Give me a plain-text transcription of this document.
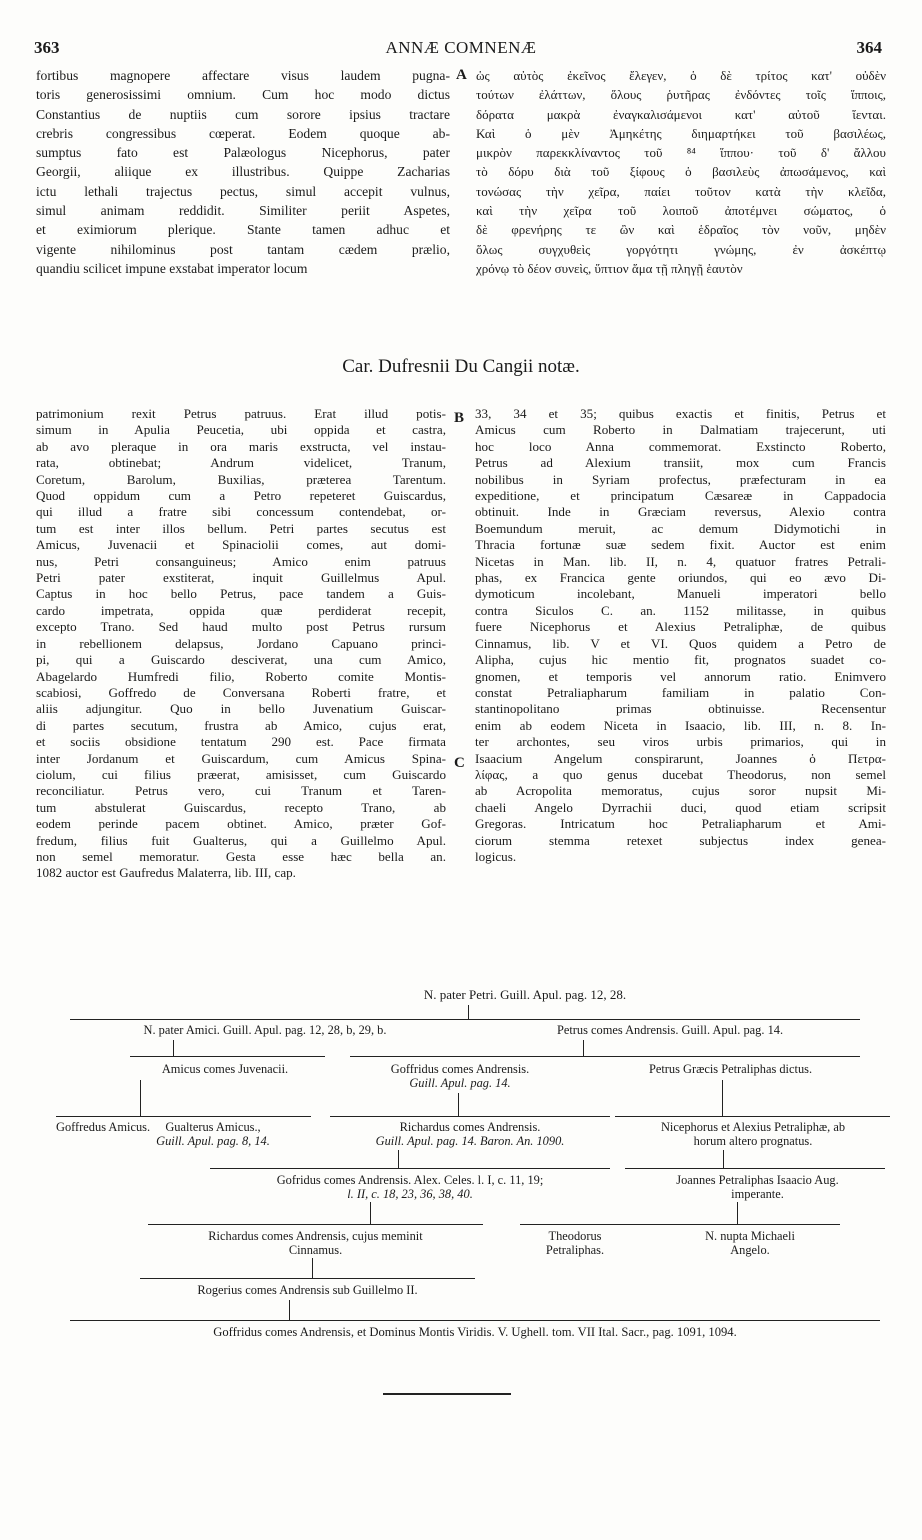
363	ANNÆ COMNENÆ	364
fortibus magnopere affectare visus laudem pugna-
toris generosissimi omnium. Cum hoc modo dictus
Constantius de nuptiis cum sorore ipsius tractare
crebris congressibus cœperat. Eodem quoque ab-
sumptus fato est Palæologus Nicephorus, pater
Georgii, aliique ex illustribus. Quippe Zacharias
ictu lethali trajectus pectus, simul accepit vulnus,
simul animam reddidit. Similiter periit Aspetes,
et eximiorum plerique. Stante tamen adhuc et
vigente nihilominus post tantam cædem prælio,
quandiu scilicet impune exstabat imperator locum
A ὡς αὐτὸς ἐκεῖνος ἔλεγεν, ὁ δὲ τρίτος κατ' οὐδὲν
τούτων ἐλάττων, ὅλους ῥυτῆρας ἐνδόντες τοῖς ἵπποις,
δόρατα μακρὰ ἐναγκαλισάμενοι κατ' αὐτοῦ ἵενται.
Καὶ ὁ μὲν Ἀμηκέτης διημαρτήκει τοῦ βασιλέως,
μικρὸν παρεκκλίναντος τοῦ ⁸⁴ ἵππου· τοῦ δ' ἄλλου
τὸ δόρυ διὰ τοῦ ξίφους ὁ βασιλεὺς ἀπωσάμενος, καὶ
τονώσας τὴν χεῖρα, παίει τοῦτον κατὰ τὴν κλεῖδα,
καὶ τὴν χεῖρα τοῦ λοιποῦ ἀποτέμνει σώματος, ὁ
δὲ φρενήρης τε ὢν καὶ ἑδραῖος τὸν νοῦν, μηδὲν
ὅλως συγχυθεὶς γοργότητι γνώμης, ἐν ἀσκέπτῳ
χρόνῳ τὸ δέον συνεὶς, ὕπτιον ἅμα τῇ πληγῇ ἑαυτὸν
Car. Dufresnii Du Cangii notæ.
patrimonium rexit Petrus patruus. Erat illud potis-
simum in Apulia Peucetia, ubi oppida et castra,
ab avo pleraque in ora maris exstructa, vel instau-
rata, obtinebat; Andrum videlicet, Tranum,
Coretum, Barolum, Buxilias, præterea Tarentum.
Quod oppidum cum a Petro repeteret Guiscardus,
qui illud a fratre sibi concessum contendebat, or-
tum est inter illos bellum. Petri partes secutus est
Amicus, Juvenacii et Spinaciolii comes, aut domi-
nus, Petri consanguineus; Amico enim patruus
Petri pater exstiterat, inquit Guillelmus Apul.
Captus in hoc bello Petrus, pace tandem a Guis-
cardo impetrata, oppida quæ perdiderat recepit,
excepto Trano. Sed haud multo post Petrus rursum
in rebellionem delapsus, Jordano Capuano princi-
pi, qui a Guiscardo desciverat, una cum Amico,
Abagelardo Humfredi filio, Roberto comite Montis-
scabiosi, Goffredo de Conversana Roberti fratre, et
aliis adjungitur. Quo in bello Juvenatium Guiscar-
di partes secutum, frustra ab Amico, cujus erat,
et sociis obsidione tentatum 290 est. Pace firmata
inter Jordanum et Guiscardum, cum Amicus Spina-
ciolum, cui filius præerat, amisisset, cum Guiscardo
reconciliatur. Petrus vero, cui Tranum et Taren-
tum abstulerat Guiscardus, recepto Trano, ab
eodem perinde pacem obtinet. Amico, præter Gof-
fredum, filius fuit Gualterus, qui a Guillelmo Apul.
non semel memoratur. Gesta esse hæc bella an.
1082 auctor est Gaufredus Malaterra, lib. III, cap.
B
C
33, 34 et 35; quibus exactis et finitis, Petrus et
Amicus cum Roberto in Dalmatiam trajecerunt, uti
hoc loco Anna commemorat. Exstincto Roberto,
Petrus ad Alexium transiit, mox cum Francis
nobilibus in Syriam profectus, præfecturam in ea
expeditione, et principatum Cæsareæ in Cappadocia
obtinuit. Inde in Græciam reversus, Alexio contra
Boemundum meruit, ac demum Didymotichi in
Thracia fortunæ suæ sedem fixit. Auctor est enim
Nicetas in Man. lib. II, n. 4, quatuor fratres Petrali-
phas, ex Francica gente oriundos, qui eo ævo Di-
dymoticum incolebant, Manueli imperatori bello
contra Siculos C. an. 1152 militasse, in quibus
fuere Nicephorus et Alexius Petraliphæ, de quibus
Cinnamus, lib. V et VI. Quos quidem a Petro de
Alipha, cujus hic mentio fit, prognatos suadet co-
gnomen, et temporis vel annorum ratio. Enimvero
constat Petraliapharum familiam in palatio Con-
stantinopolitano primas obtinuisse. Recensentur
enim ab eodem Niceta in Isaacio, lib. III, n. 8. In-
ter archontes, seu viros urbis primarios, qui in
Isaacium Angelum conspirarunt, Joannes ὁ Πετρα-
λίφας, a quo genus ducebat Theodorus, non semel
ab Acropolita memoratus, cujus soror nupsit Mi-
chaeli Angelo Dyrrachii duci, quod etiam scripsit
Gregoras. Intricatum hoc Petraliapharum et Ami-
ciorum stemma retexet subjectus index genea-
logicus.
N. pater Petri. Guill. Apul. pag. 12, 28.
N. pater Amici. Guill. Apul. pag. 12, 28, b, 29, b.	Petrus comes Andrensis. Guill. Apul. pag. 14.
Amicus comes Juvenacii.	Goffridus comes Andrensis.
Guill. Apul. pag. 14.
Petrus Græcis Petraliphas dictus.
Goffredus Amicus.	Gualterus Amicus.,
Guill. Apul. pag. 8, 14.
Richardus comes Andrensis.
Guill. Apul. pag. 14. Baron. An. 1090.
Nicephorus et Alexius Petraliphæ, ab
horum altero prognatus.
Gofridus comes Andrensis. Alex. Celes. l. I, c. 11, 19;
l. II, c. 18, 23, 36, 38, 40.
Joannes Petraliphas Isaacio Aug.
imperante.
Richardus comes Andrensis, cujus meminit
Cinnamus.
Theodorus
Petraliphas.
N. nupta Michaeli
Angelo.
Rogerius comes Andrensis sub Guillelmo II.
Goffridus comes Andrensis, et Dominus Montis Viridis. V. Ughell. tom. VII Ital. Sacr., pag. 1091, 1094.
